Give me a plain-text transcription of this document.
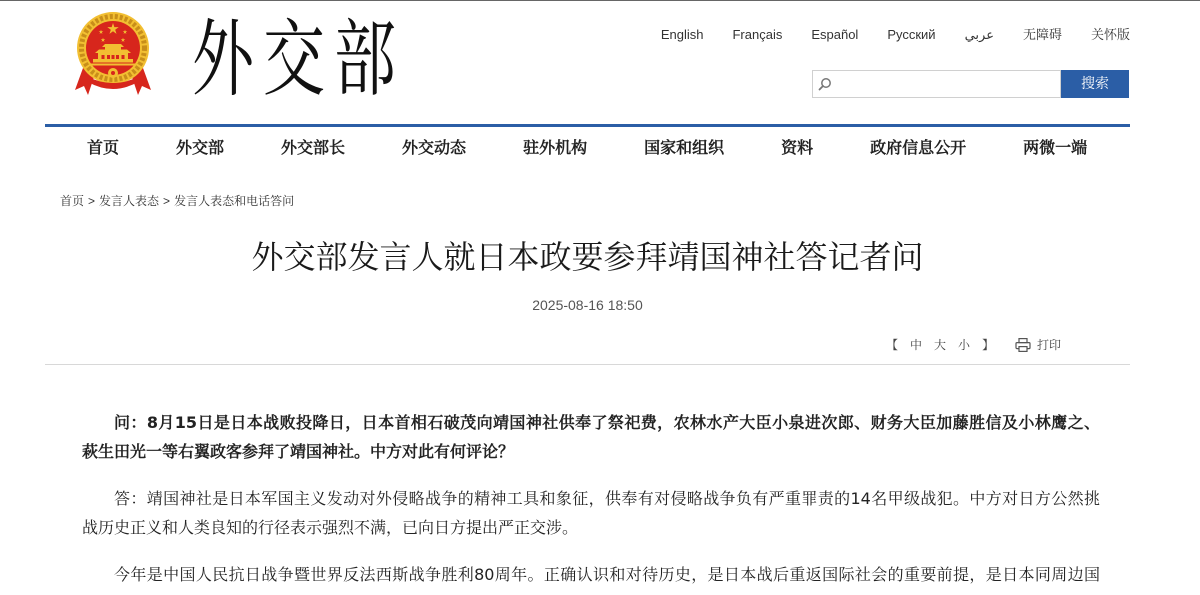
外交部	English Français Español Русский عربي 无障碍 关怀版
搜索
首页	外交部	外交部长	外交动态	驻外机构	国家和组织	资料	政府信息公开	两微一端
首页 > 发言人表态 > 发言人表态和电话答问
外交部发言人就日本政要参拜靖国神社答记者问
2025-08-16 18:50
【 中 大 小 】	打印
问：8月15日是日本战败投降日，日本首相石破茂向靖国神社供奉了祭祀费，农林水产大臣小泉进次郎、财务大臣加藤胜信及小林鹰之、
萩生田光一等右翼政客参拜了靖国神社。中方对此有何评论？
答：靖国神社是日本军国主义发动对外侵略战争的精神工具和象征，供奉有对侵略战争负有严重罪责的14名甲级战犯。中方对日方公然挑
战历史正义和人类良知的行径表示强烈不满，已向日方提出严正交涉。
今年是中国人民抗日战争暨世界反法西斯战争胜利80周年。正确认识和对待历史，是日本战后重返国际社会的重要前提，是日本同周边国
